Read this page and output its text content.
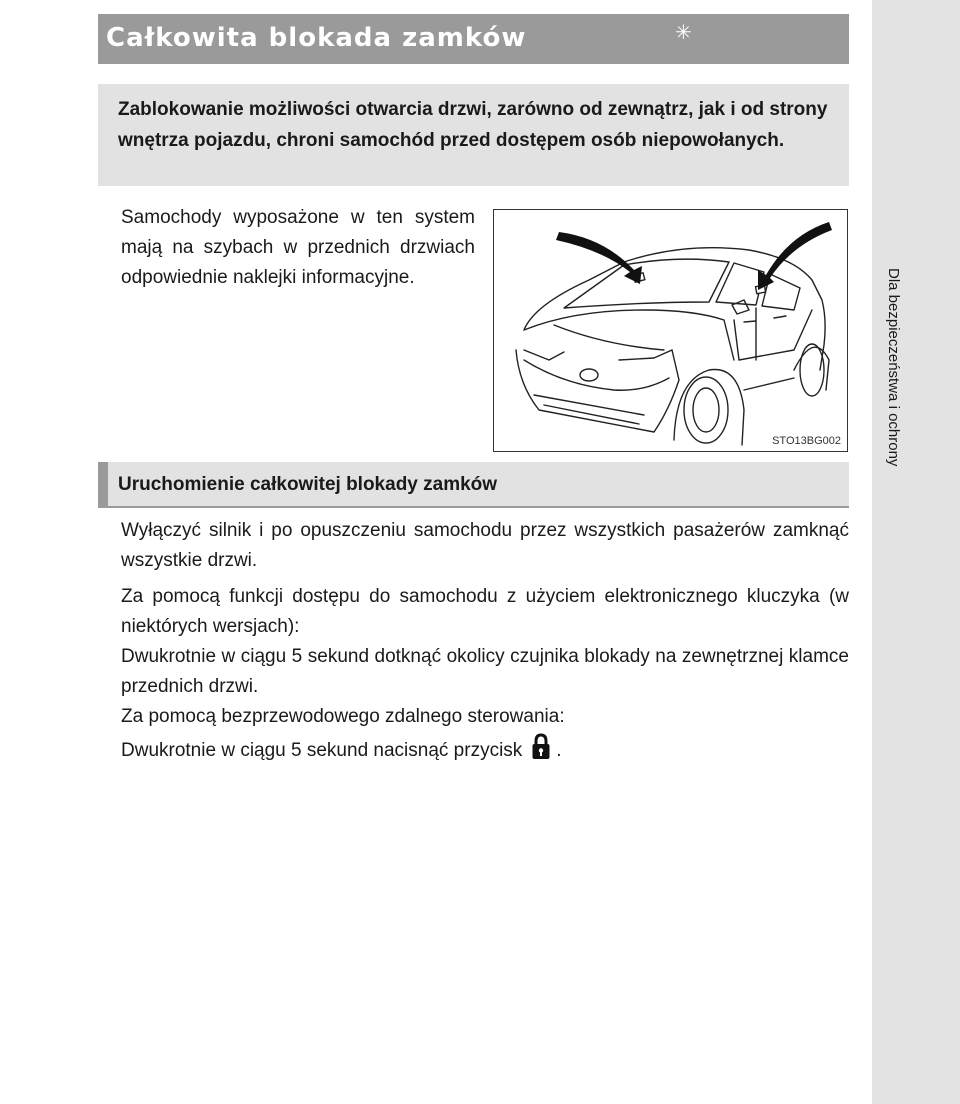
Dla bezpieczeństwa i ochrony
Całkowita blokada zamków	✳

Zablokowanie możliwości otwarcia drzwi, zarówno od zewnątrz, jak i od strony wnętrza pojazdu, chroni samochód przed dostępem osób niepowołanych.

Samochody wyposażone w ten system mają na szybach w przednich drzwiach odpowiednie naklejki informacyjne.
STO13BG002
Uruchomienie całkowitej blokady zamków

Wyłączyć silnik i po opuszczeniu samochodu przez wszystkich pasażerów zamknąć wszystkie drzwi.

Za pomocą funkcji dostępu do samochodu z użyciem elektronicznego kluczyka (w niektórych wersjach):

Dwukrotnie w ciągu 5 sekund dotknąć okolicy czujnika blokady na zewnętrznej klamce przednich drzwi.

Za pomocą bezprzewodowego zdalnego sterowania:

Dwukrotnie w ciągu 5 sekund nacisnąć przycisk .
